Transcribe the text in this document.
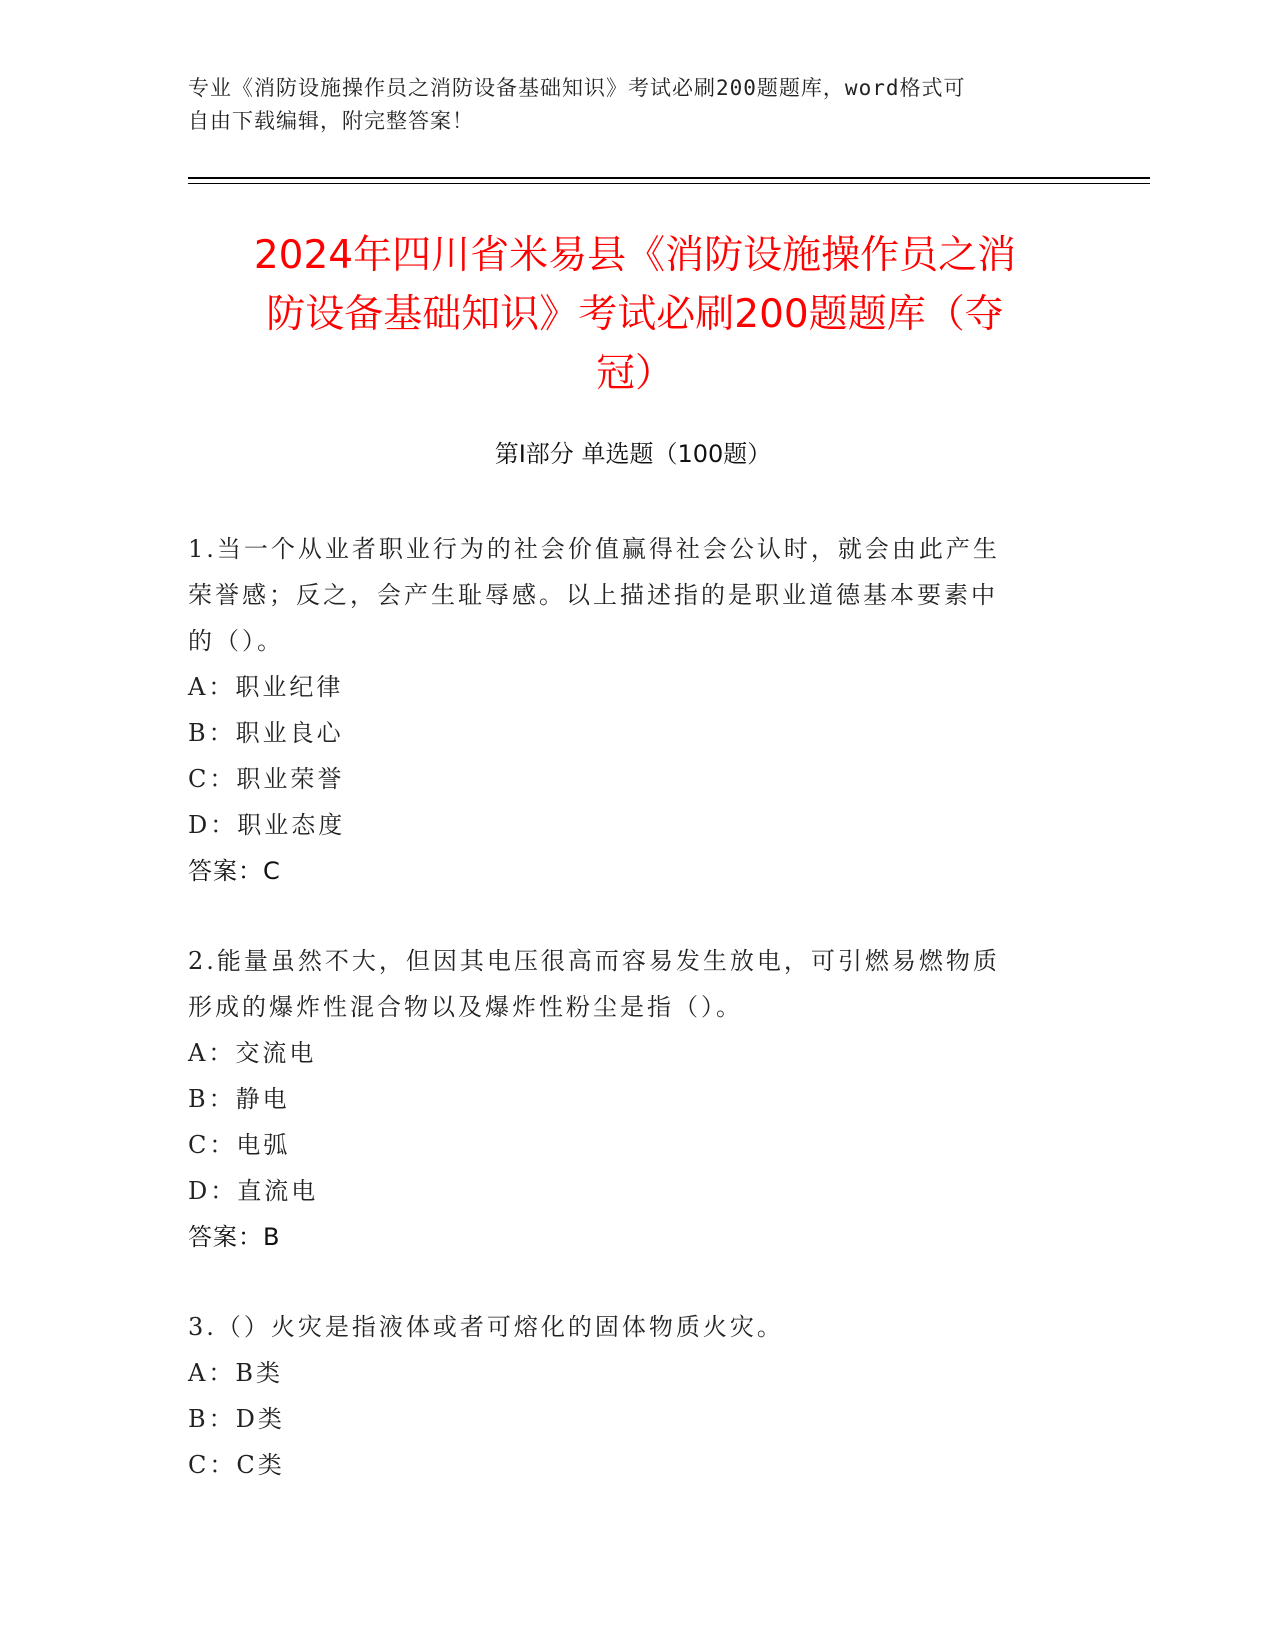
专业《消防设施操作员之消防设备基础知识》考试必刷200题题库，word格式可
自由下载编辑，附完整答案！
2024年四川省米易县《消防设施操作员之消
防设备基础知识》考试必刷200题题库（夺
冠）
第Ⅰ部分 单选题（100题）
1.当一个从业者职业行为的社会价值赢得社会公认时，就会由此产生
荣誉感；反之，会产生耻辱感。以上描述指的是职业道德基本要素中
的（）。
A：职业纪律
B：职业良心
C：职业荣誉
D：职业态度
答案：C
2.能量虽然不大，但因其电压很高而容易发生放电，可引燃易燃物质
形成的爆炸性混合物以及爆炸性粉尘是指（）。
A：交流电
B：静电
C：电弧
D：直流电
答案：B
3.（）火灾是指液体或者可熔化的固体物质火灾。
A：B类
B：D类
C：C类
